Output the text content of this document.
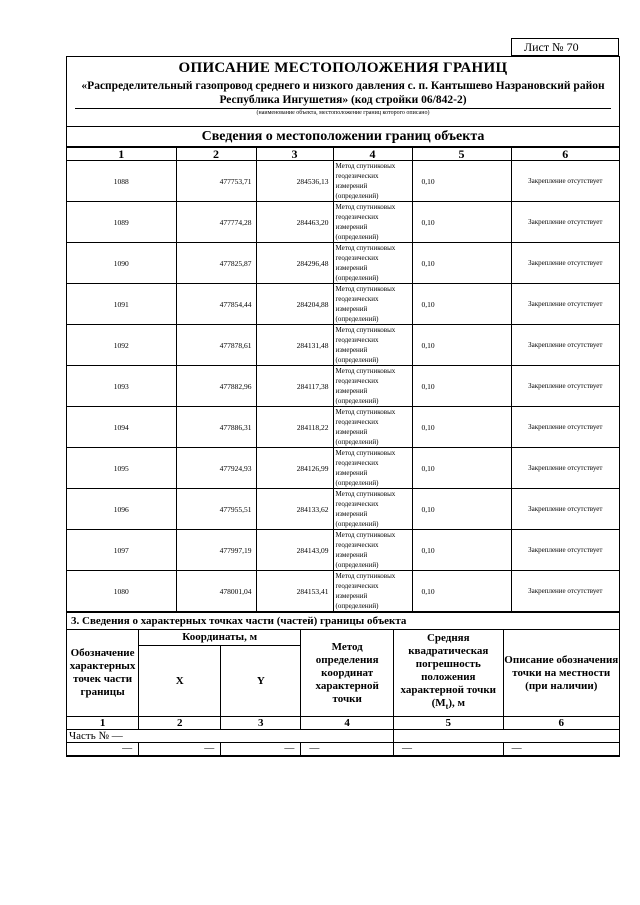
Лист № 70
ОПИСАНИЕ МЕСТОПОЛОЖЕНИЯ ГРАНИЦ
«Распределительный газопровод среднего и низкого давления с. п. Кантышево Назрановский район Республика Ингушетия» (код стройки 06/842-2)
(наименование объекта, местоположение границ которого описано)
Сведения о местоположении границ объекта
1	2	3	4	5	6
1088	477753,71	284536,13	Метод спутниковых геодезических измерений (определений)	0,10	Закрепление отсутствует
1089	477774,28	284463,20	Метод спутниковых геодезических измерений (определений)	0,10	Закрепление отсутствует
1090	477825,87	284296,48	Метод спутниковых геодезических измерений (определений)	0,10	Закрепление отсутствует
1091	477854,44	284204,88	Метод спутниковых геодезических измерений (определений)	0,10	Закрепление отсутствует
1092	477878,61	284131,48	Метод спутниковых геодезических измерений (определений)	0,10	Закрепление отсутствует
1093	477882,96	284117,38	Метод спутниковых геодезических измерений (определений)	0,10	Закрепление отсутствует
1094	477886,31	284118,22	Метод спутниковых геодезических измерений (определений)	0,10	Закрепление отсутствует
1095	477924,93	284126,99	Метод спутниковых геодезических измерений (определений)	0,10	Закрепление отсутствует
1096	477955,51	284133,62	Метод спутниковых геодезических измерений (определений)	0,10	Закрепление отсутствует
1097	477997,19	284143,09	Метод спутниковых геодезических измерений (определений)	0,10	Закрепление отсутствует
1080	478001,04	284153,41	Метод спутниковых геодезических измерений (определений)	0,10	Закрепление отсутствует
3. Сведения о характерных точках части (частей) границы объекта
Обозначение характерных точек части границы	Координаты, м		Метод определения координат характерной точки	Средняя квадратическая погрешность положения характерной точки $(M_t)$, м	Описание обозначения точки на местности (при наличии)
	X	Y			
1	2	3	4	5	6
Часть № —					
—	—	—	—	—	—
